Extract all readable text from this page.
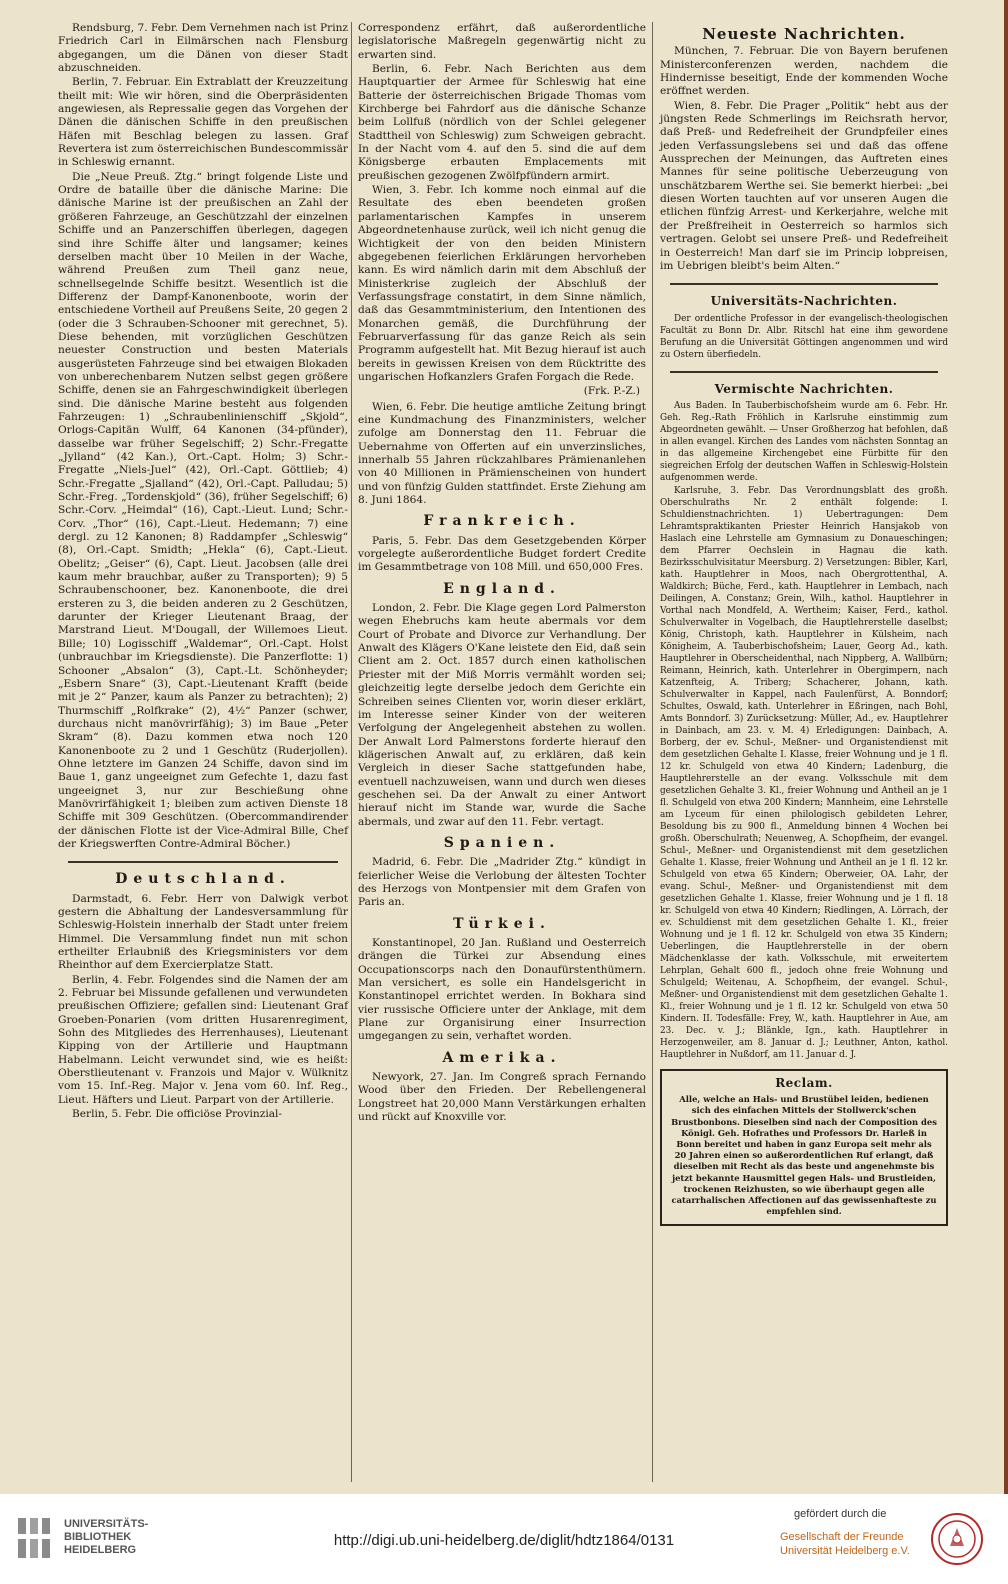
Rendsburg, 7. Febr. Dem Vernehmen nach ist Prinz Friedrich Carl in Eilmärschen nach Flensburg abgegangen, um die Dänen von dieser Stadt abzuschneiden.

Berlin, 7. Februar. Ein Extrablatt der Kreuzzeitung theilt mit: Wie wir hören, sind die Oberpräsidenten angewiesen, als Repressalie gegen das Vorgehen der Dänen die dänischen Schiffe in den preußischen Häfen mit Beschlag belegen zu lassen. Graf Revertera ist zum österreichischen Bundescommissär in Schleswig ernannt.

Die „Neue Preuß. Ztg.“ bringt folgende Liste und Ordre de bataille über die dänische Marine: Die dänische Marine ist der preußischen an Zahl der größeren Fahrzeuge, an Geschützzahl der einzelnen Schiffe und an Panzerschiffen überlegen, dagegen sind ihre Schiffe älter und langsamer; keines derselben macht über 10 Meilen in der Wache, während Preußen zum Theil ganz neue, schnellsegelnde Schiffe besitzt. Wesentlich ist die Differenz der Dampf-Kanonenboote, worin der entschiedene Vortheil auf Preußens Seite, 20 gegen 2 (oder die 3 Schrauben-Schooner mit gerechnet, 5). Diese behenden, mit vorzüglichen Geschützen neuester Construction und besten Materials ausgerüsteten Fahrzeuge sind bei etwaigen Blokaden von unberechenbarem Nutzen selbst gegen größere Schiffe, denen sie an Fahrgeschwindigkeit überlegen sind. Die dänische Marine besteht aus folgenden Fahrzeugen: 1) „Schraubenlinienschiff „Skjold“, Orlogs-Capitän Wulff, 64 Kanonen (34-pfünder), dasselbe war früher Segelschiff; 2) Schr.-Fregatte „Jylland“ (42 Kan.), Ort.-Capt. Holm; 3) Schr.-Fregatte „Niels-Juel“ (42), Orl.-Capt. Göttlieb; 4) Schr.-Fregatte „Sjalland“ (42), Orl.-Capt. Palludau; 5) Schr.-Freg. „Tordenskjold“ (36), früher Segelschiff; 6) Schr.-Corv. „Heimdal“ (16), Capt.-Lieut. Lund; Schr.-Corv. „Thor“ (16), Capt.-Lieut. Hedemann; 7) eine dergl. zu 12 Kanonen; 8) Raddampfer „Schleswig“ (8), Orl.-Capt. Smidth; „Hekla“ (6), Capt.-Lieut. Obelitz; „Geiser“ (6), Capt. Lieut. Jacobsen (alle drei kaum mehr brauchbar, außer zu Transporten); 9) 5 Schraubenschooner, bez. Kanonenboote, die drei ersteren zu 3, die beiden anderen zu 2 Geschützen, darunter der Krieger Lieutenant Braag, der Marstrand Lieut. M'Dougall, der Willemoes Lieut. Bille; 10) Logisschiff „Waldemar“, Orl.-Capt. Holst (unbrauchbar im Kriegsdienste). Die Panzerflotte: 1) Schooner „Absalon“ (3), Capt.-Lt. Schönheyder; „Esbern Snare“ (3), Capt.-Lieutenant Krafft (beide mit je 2“ Panzer, kaum als Panzer zu betrachten); 2) Thurmschiff „Rolfkrake“ (2), 4½“ Panzer (schwer, durchaus nicht manövrirfähig); 3) im Baue „Peter Skram“ (8). Dazu kommen etwa noch 120 Kanonenboote zu 2 und 1 Geschütz (Ruderjollen). Ohne letztere im Ganzen 24 Schiffe, davon sind im Baue 1, ganz ungeeignet zum Gefechte 1, dazu fast ungeeignet 3, nur zur Beschießung ohne Manövrirfähigkeit 1; bleiben zum activen Dienste 18 Schiffe mit 309 Geschützen. (Obercommandirender der dänischen Flotte ist der Vice-Admiral Bille, Chef der Kriegswerften Contre-Admiral Böcher.)

Deutschland.

Darmstadt, 6. Febr. Herr von Dalwigk verbot gestern die Abhaltung der Landesversammlung für Schleswig-Holstein innerhalb der Stadt unter freiem Himmel. Die Versammlung findet nun mit schon ertheilter Erlaubniß des Kriegsministers vor dem Rheinthor auf dem Exercierplatze Statt.

Berlin, 4. Febr. Folgendes sind die Namen der am 2. Februar bei Missunde gefallenen und verwundeten preußischen Offiziere; gefallen sind: Lieutenant Graf Groeben-Ponarien (vom dritten Husarenregiment, Sohn des Mitgliedes des Herrenhauses), Lieutenant Kipping von der Artillerie und Hauptmann Habelmann. Leicht verwundet sind, wie es heißt: Oberstlieutenant v. Franzois und Major v. Wülknitz vom 15. Inf.-Reg. Major v. Jena vom 60. Inf. Reg., Lieut. Häfters und Lieut. Parpart von der Artillerie.

Berlin, 5. Febr. Die officiöse Provinzial-

Correspondenz erfährt, daß außerordentliche legislatorische Maßregeln gegenwärtig nicht zu erwarten sind.

Berlin, 6. Febr. Nach Berichten aus dem Hauptquartier der Armee für Schleswig hat eine Batterie der österreichischen Brigade Thomas vom Kirchberge bei Fahrdorf aus die dänische Schanze beim Lollfuß (nördlich von der Schlei gelegener Stadttheil von Schleswig) zum Schweigen gebracht. In der Nacht vom 4. auf den 5. sind die auf dem Königsberge erbauten Emplacements mit preußischen gezogenen Zwölfpfündern armirt.

Wien, 3. Febr. Ich komme noch einmal auf die Resultate des eben beendeten großen parlamentarischen Kampfes in unserem Abgeordnetenhause zurück, weil ich nicht genug die Wichtigkeit der von den beiden Ministern abgegebenen feierlichen Erklärungen hervorheben kann. Es wird nämlich darin mit dem Abschluß der Ministerkrise zugleich der Abschluß der Verfassungsfrage constatirt, in dem Sinne nämlich, daß das Gesammtministerium, den Intentionen des Monarchen gemäß, die Durchführung der Februarverfassung für das ganze Reich als sein Programm aufgestellt hat. Mit Bezug hierauf ist auch bereits in gewissen Kreisen von dem Rücktritte des ungarischen Hofkanzlers Grafen Forgach die Rede.

(Frk. P.-Z.)

Wien, 6. Febr. Die heutige amtliche Zeitung bringt eine Kundmachung des Finanzministers, welcher zufolge am Donnerstag den 11. Februar die Uebernahme von Offerten auf ein unverzinsliches, innerhalb 55 Jahren rückzahlbares Prämienanlehen von 40 Millionen in Prämienscheinen von hundert und von fünfzig Gulden stattfindet. Erste Ziehung am 8. Juni 1864.

Frankreich.

Paris, 5. Febr. Das dem Gesetzgebenden Körper vorgelegte außerordentliche Budget fordert Credite im Gesammtbetrage von 108 Mill. und 650,000 Fres.

England.

London, 2. Febr. Die Klage gegen Lord Palmerston wegen Ehebruchs kam heute abermals vor dem Court of Probate and Divorce zur Verhandlung. Der Anwalt des Klägers O'Kane leistete den Eid, daß sein Client am 2. Oct. 1857 durch einen katholischen Priester mit der Miß Morris vermählt worden sei; gleichzeitig legte derselbe jedoch dem Gerichte ein Schreiben seines Clienten vor, worin dieser erklärt, im Interesse seiner Kinder von der weiteren Verfolgung der Angelegenheit abstehen zu wollen. Der Anwalt Lord Palmerstons forderte hierauf den klägerischen Anwalt auf, zu erklären, daß kein Vergleich in dieser Sache stattgefunden habe, eventuell nachzuweisen, wann und durch wen dieses geschehen sei. Da der Anwalt zu einer Antwort hierauf nicht im Stande war, wurde die Sache abermals, und zwar auf den 11. Febr. vertagt.

Spanien.

Madrid, 6. Febr. Die „Madrider Ztg.“ kündigt in feierlicher Weise die Verlobung der ältesten Tochter des Herzogs von Montpensier mit dem Grafen von Paris an.

Türkei.

Konstantinopel, 20 Jan. Rußland und Oesterreich drängen die Türkei zur Absendung eines Occupationscorps nach den Donaufürstenthümern. Man versichert, es solle ein Handelsgericht in Konstantinopel errichtet werden. In Bokhara sind vier russische Officiere unter der Anklage, mit dem Plane zur Organisirung einer Insurrection umgegangen zu sein, verhaftet worden.

Amerika.

Newyork, 27. Jan. Im Congreß sprach Fernando Wood über den Frieden. Der Rebellengeneral Longstreet hat 20,000 Mann Verstärkungen erhalten und rückt auf Knoxville vor.

Neueste Nachrichten.

München, 7. Februar. Die von Bayern berufenen Ministerconferenzen werden, nachdem die Hindernisse beseitigt, Ende der kommenden Woche eröffnet werden.

Wien, 8. Febr. Die Prager „Politik“ hebt aus der jüngsten Rede Schmerlings im Reichsrath hervor, daß Preß- und Redefreiheit der Grundpfeiler eines jeden Verfassungslebens sei und daß das offene Aussprechen der Meinungen, das Auftreten eines Mannes für seine politische Ueberzeugung von unschätzbarem Werthe sei. Sie bemerkt hierbei: „bei diesen Worten tauchten auf vor unseren Augen die etlichen fünfzig Arrest- und Kerkerjahre, welche mit der Preßfreiheit in Oesterreich so harmlos sich vertragen. Gelobt sei unsere Preß- und Redefreiheit in Oesterreich! Man darf sie im Princip lobpreisen, im Uebrigen bleibt's beim Alten.“

Universitäts-Nachrichten.

Der ordentliche Professor in der evangelisch-theologischen Facultät zu Bonn Dr. Albr. Ritschl hat eine ihm gewordene Berufung an die Universität Göttingen angenommen und wird zu Ostern überfiedeln.

Vermischte Nachrichten.

Aus Baden. In Tauberbischofsheim wurde am 6. Febr. Hr. Geh. Reg.-Rath Fröhlich in Karlsruhe einstimmig zum Abgeordneten gewählt. — Unser Großherzog hat befohlen, daß in allen evangel. Kirchen des Landes vom nächsten Sonntag an in das allgemeine Kirchengebet eine Fürbitte für den siegreichen Erfolg der deutschen Waffen in Schleswig-Holstein aufgenommen werde.

Karlsruhe, 3. Febr. Das Verordnungsblatt des großh. Oberschulraths Nr. 2 enthält folgende: I. Schuldienstnachrichten. 1) Uebertragungen: Dem Lehramtspraktikanten Priester Heinrich Hansjakob von Haslach eine Lehrstelle am Gymnasium zu Donaueschingen; dem Pfarrer Oechslein in Hagnau die kath. Bezirksschulvisitatur Meersburg. 2) Versetzungen: Bibler, Karl, kath. Hauptlehrer in Moos, nach Obergrottenthal, A. Waldkirch; Büche, Ferd., kath. Hauptlehrer in Lembach, nach Deilingen, A. Constanz; Grein, Wilh., kathol. Hauptlehrer in Vorthal nach Mondfeld, A. Wertheim; Kaiser, Ferd., kathol. Schulverwalter in Vogelbach, die Hauptlehrerstelle daselbst; König, Christoph, kath. Hauptlehrer in Külsheim, nach Königheim, A. Tauberbischofsheim; Lauer, Georg Ad., kath. Hauptlehrer in Oberscheidenthal, nach Nippberg, A. Wallbürn; Reimann, Heinrich, kath. Unterlehrer in Obergimpern, nach Katzenfteig, A. Triberg; Schacherer, Johann, kath. Schulverwalter in Kappel, nach Faulenfürst, A. Bonndorf; Schultes, Oswald, kath. Unterlehrer in Eßringen, nach Bohl, Amts Bonndorf. 3) Zurücksetzung: Müller, Ad., ev. Hauptlehrer in Dainbach, am 23. v. M. 4) Erledigungen: Dainbach, A. Borberg, der ev. Schul-, Meßner- und Organistendienst mit dem gesetzlichen Gehalte I. Klasse, freier Wohnung und je 1 fl. 12 kr. Schulgeld von etwa 40 Kindern; Ladenburg, die Hauptlehrerstelle an der evang. Volksschule mit dem gesetzlichen Gehalte 3. Kl., freier Wohnung und Antheil an je 1 fl. Schulgeld von etwa 200 Kindern; Mannheim, eine Lehrstelle am Lyceum für einen philologisch gebildeten Lehrer, Besoldung bis zu 900 fl., Anmeldung binnen 4 Wochen bei großh. Oberschulrath; Neuenweg, A. Schopfheim, der evangel. Schul-, Meßner- und Organistendienst mit dem gesetzlichen Gehalte 1. Klasse, freier Wohnung und Antheil an je 1 fl. 12 kr. Schulgeld von etwa 65 Kindern; Oberweier, OA. Lahr, der evang. Schul-, Meßner- und Organistendienst mit dem gesetzlichen Gehalte 1. Klasse, freier Wohnung und je 1 fl. 18 kr. Schulgeld von etwa 40 Kindern; Riedlingen, A. Lörrach, der ev. Schuldienst mit dem gesetzlichen Gehalte 1. Kl., freier Wohnung und je 1 fl. 12 kr. Schulgeld von etwa 35 Kindern; Ueberlingen, die Hauptlehrerstelle in der obern Mädchenklasse der kath. Volksschule, mit erweitertem Lehrplan, Gehalt 600 fl., jedoch ohne freie Wohnung und Schulgeld; Weitenau, A. Schopfheim, der evangel. Schul-, Meßner- und Organistendienst mit dem gesetzlichen Gehalte 1. Kl., freier Wohnung und je 1 fl. 12 kr. Schulgeld von etwa 50 Kindern. II. Todesfälle: Frey, W., kath. Hauptlehrer in Aue, am 23. Dec. v. J.; Blänkle, Ign., kath. Hauptlehrer in Herzogenweiler, am 8. Januar d. J.; Leuthner, Anton, kathol. Hauptlehrer in Nußdorf, am 11. Januar d. J.

Reclam.

Alle, welche an Hals- und Brustübel leiden, bedienen sich des einfachen Mittels der Stollwerck'schen Brustbonbons. Dieselben sind nach der Composition des Königl. Geh. Hofrathes und Professors Dr. Harleß in Bonn bereitet und haben in ganz Europa seit mehr als 20 Jahren einen so außerordentlichen Ruf erlangt, daß dieselben mit Recht als das beste und angenehmste bis jetzt bekannte Hausmittel gegen Hals- und Brustleiden, trockenen Reizhusten, so wie überhaupt gegen alle catarrhalischen Affectionen auf das gewissenhafteste zu empfehlen sind.

UNIVERSITÄTS-
BIBLIOTHEK
HEIDELBERG
http://digi.ub.uni-heidelberg.de/diglit/hdtz1864/0131
gefördert durch die
Gesellschaft der Freunde
Universität Heidelberg e.V.
